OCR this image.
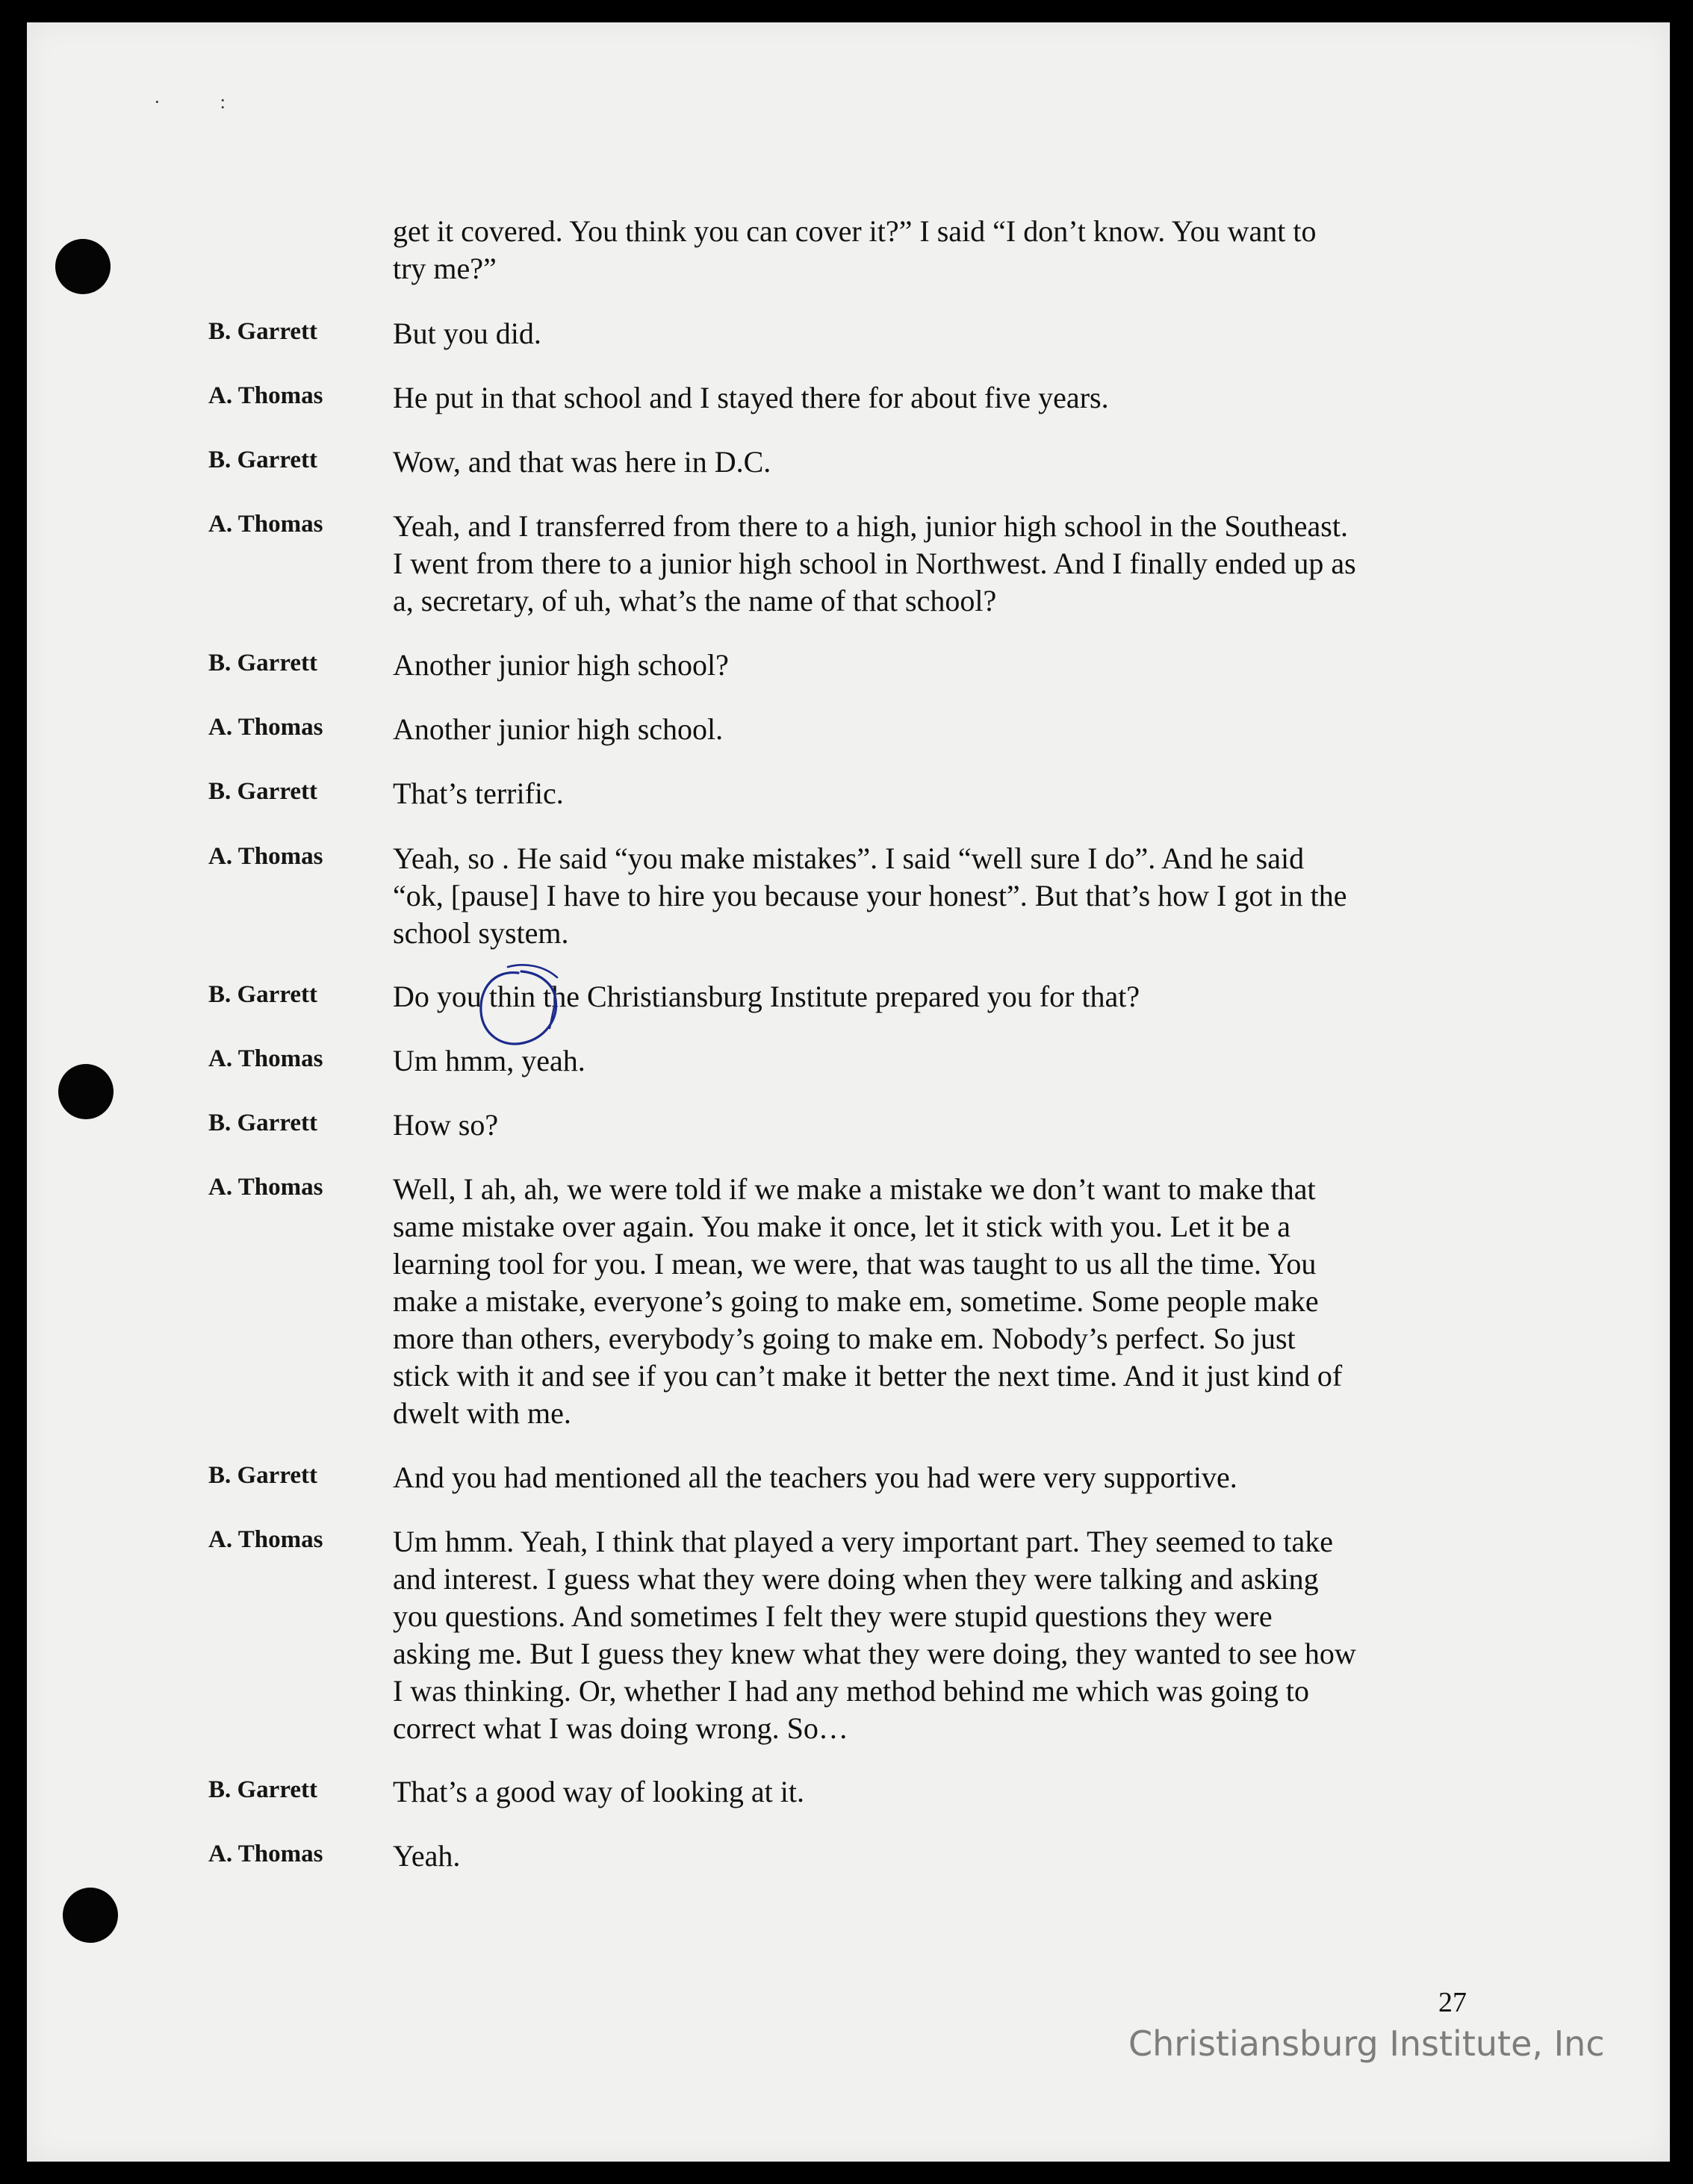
·:
get it covered. You think you can cover it?” I said “I don’t know. You want to
try me?”
B. Garrett	But you did.
A. Thomas He put in that school and I stayed there for about five years.
B. Garrett	Wow, and that was here in D.C.
A. Thomas Yeah, and I transferred from there to a high, junior high school in the Southeast.
I went from there to a junior high school in Northwest. And I finally ended up as
a, secretary, of uh, what’s the name of that school?
B. Garrett	Another junior high school?
A. Thomas Another junior high school.
B. Garrett	That’s terrific.
A. Thomas Yeah, so . He said “you make mistakes”. I said “well sure I do”. And he said
“ok, [pause] I have to hire you because your honest”. But that’s how I got in the
school system.
B. Garrett	Do you thin the Christiansburg Institute prepared you for that?
A. Thomas Um hmm, yeah.
B. Garrett	How so?
A. Thomas Well, I ah, ah, we were told if we make a mistake we don’t want to make that
same mistake over again. You make it once, let it stick with you. Let it be a
learning tool for you. I mean, we were, that was taught to us all the time. You
make a mistake, everyone’s going to make em, sometime. Some people make
more than others, everybody’s going to make em. Nobody’s perfect. So just
stick with it and see if you can’t make it better the next time. And it just kind of
dwelt with me.
B. Garrett	And you had mentioned all the teachers you had were very supportive.
A. Thomas Um hmm. Yeah, I think that played a very important part. They seemed to take
and interest. I guess what they were doing when they were talking and asking
you questions. And sometimes I felt they were stupid questions they were
asking me. But I guess they knew what they were doing, they wanted to see how
I was thinking. Or, whether I had any method behind me which was going to
correct what I was doing wrong. So…
B. Garrett	That’s a good way of looking at it.
A. Thomas Yeah.
27
Christiansburg Institute, Inc
